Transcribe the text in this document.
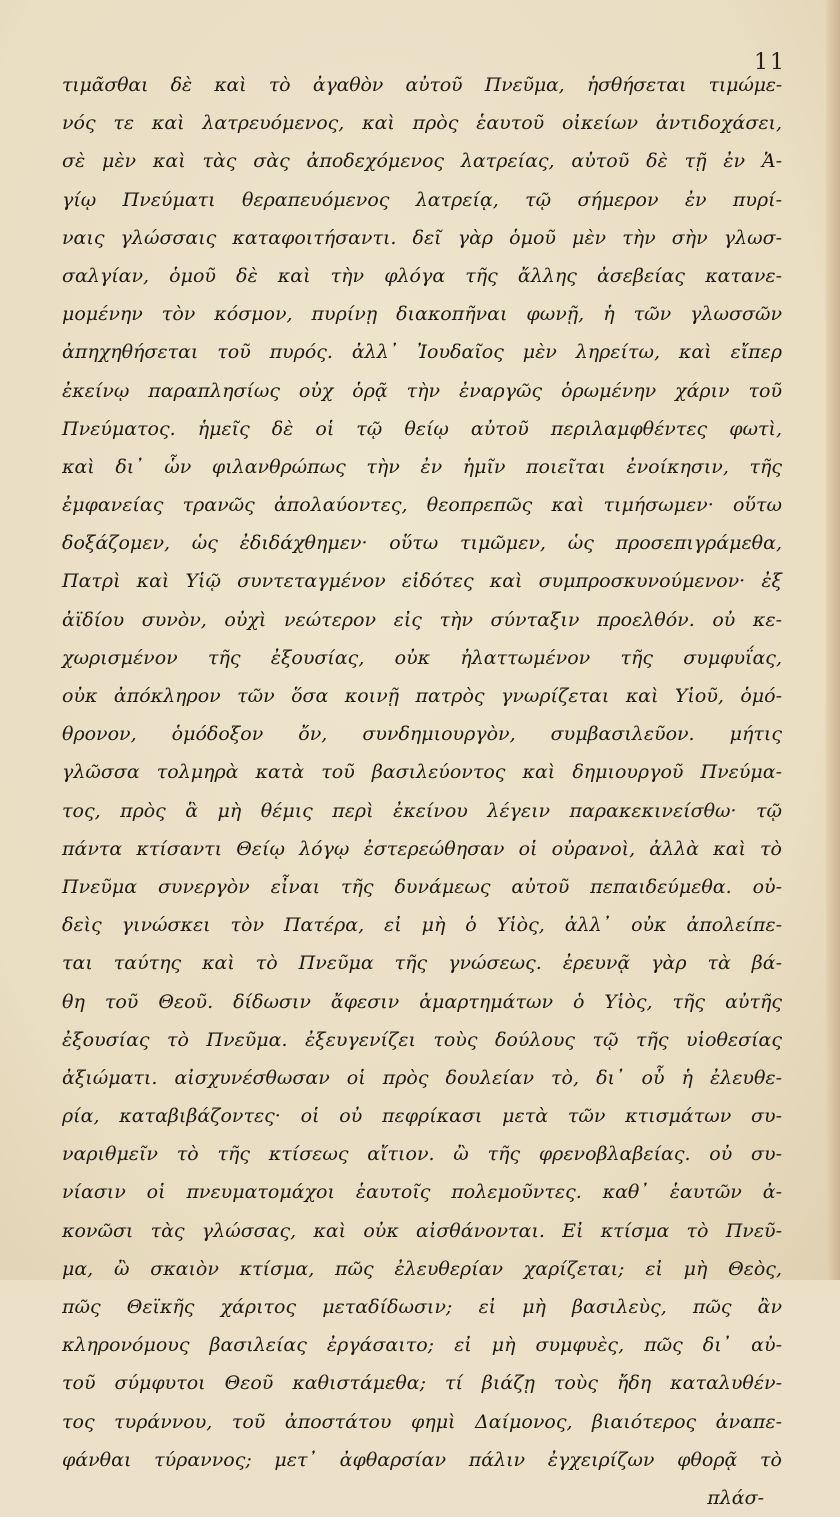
11
τιμᾶσθαι δὲ καὶ τὸ ἀγαθὸν αὐτοῦ Πνεῦμα, ἡσθήσεται τιμώμε-
νός τε καὶ λατρευόμενος, καὶ πρὸς ἑαυτοῦ οἰκείων ἀντιδοχάσει,
σὲ μὲν καὶ τὰς σὰς ἀποδεχόμενος λατρείας, αὐτοῦ δὲ τῇ ἐν Ἁ-
γίῳ Πνεύματι θεραπευόμενος λατρείᾳ, τῷ σήμερον ἐν πυρί-
ναις γλώσσαις καταφοιτήσαντι. δεῖ γὰρ ὁμοῦ μὲν τὴν σὴν γλωσ-
σαλγίαν, ὁμοῦ δὲ καὶ τὴν φλόγα τῆς ἄλλης ἀσεβείας κατανε-
μομένην τὸν κόσμον, πυρίνῃ διακοπῆναι φωνῇ, ἡ τῶν γλωσσῶν
ἀπηχηθήσεται τοῦ πυρός. ἀλλ᾽ Ἰουδαῖος μὲν ληρείτω, καὶ εἴπερ
ἐκείνῳ παραπλησίως οὐχ ὁρᾷ τὴν ἐναργῶς ὁρωμένην χάριν τοῦ
Πνεύματος. ἡμεῖς δὲ οἱ τῷ θείῳ αὐτοῦ περιλαμφθέντες φωτὶ,
καὶ δι᾽ ὧν φιλανθρώπως τὴν ἐν ἡμῖν ποιεῖται ἐνοίκησιν, τῆς
ἐμφανείας τρανῶς ἀπολαύοντες, θεοπρεπῶς καὶ τιμήσωμεν· οὕτω
δοξάζομεν, ὡς ἐδιδάχθημεν· οὕτω τιμῶμεν, ὡς προσεπιγράμεθα,
Πατρὶ καὶ Υἱῷ συντεταγμένον εἰδότες καὶ συμπροσκυνούμενον· ἐξ
ἀϊδίου συνὸν, οὐχὶ νεώτερον εἰς τὴν σύνταξιν προελθόν. οὐ κε-
χωρισμένον τῆς ἐξουσίας, οὐκ ἠλαττωμένον τῆς συμφυΐας,
οὐκ ἀπόκληρον τῶν ὅσα κοινῇ πατρὸς γνωρίζεται καὶ Υἱοῦ, ὁμό-
θρονον, ὁμόδοξον ὄν, συνδημιουργὸν, συμβασιλεῦον. μήτις
γλῶσσα τολμηρὰ κατὰ τοῦ βασιλεύοντος καὶ δημιουργοῦ Πνεύμα-
τος, πρὸς ἃ μὴ θέμις περὶ ἐκείνου λέγειν παρακεκινείσθω· τῷ
πάντα κτίσαντι Θείῳ λόγῳ ἐστερεώθησαν οἱ οὐρανοὶ, ἀλλὰ καὶ τὸ
Πνεῦμα συνεργὸν εἶναι τῆς δυνάμεως αὐτοῦ πεπαιδεύμεθα. οὐ-
δεὶς γινώσκει τὸν Πατέρα, εἰ μὴ ὁ Υἱὸς, ἀλλ᾽ οὐκ ἀπολείπε-
ται ταύτης καὶ τὸ Πνεῦμα τῆς γνώσεως. ἐρευνᾷ γὰρ τὰ βά-
θη τοῦ Θεοῦ. δίδωσιν ἄφεσιν ἁμαρτημάτων ὁ Υἱὸς, τῆς αὐτῆς
ἐξουσίας τὸ Πνεῦμα. ἐξευγενίζει τοὺς δούλους τῷ τῆς υἱοθεσίας
ἀξιώματι. αἰσχυνέσθωσαν οἱ πρὸς δουλείαν τὸ, δι᾽ οὗ ἡ ἐλευθε-
ρία, καταβιβάζοντες· οἱ οὐ πεφρίκασι μετὰ τῶν κτισμάτων συ-
ναριθμεῖν τὸ τῆς κτίσεως αἴτιον. ὢ τῆς φρενοβλαβείας. οὐ συ-
νίασιν οἱ πνευματομάχοι ἑαυτοῖς πολεμοῦντες. καθ᾽ ἑαυτῶν ἀ-
κονῶσι τὰς γλώσσας, καὶ οὐκ αἰσθάνονται. Εἰ κτίσμα τὸ Πνεῦ-
μα, ὢ σκαιὸν κτίσμα, πῶς ἐλευθερίαν χαρίζεται; εἰ μὴ Θεὸς,
πῶς Θεϊκῆς χάριτος μεταδίδωσιν; εἰ μὴ βασιλεὺς, πῶς ἂν
κληρονόμους βασιλείας ἐργάσαιτο; εἰ μὴ συμφυὲς, πῶς δι᾽ αὐ-
τοῦ σύμφυτοι Θεοῦ καθιστάμεθα; τί βιάζῃ τοὺς ἤδη καταλυθέν-
τος τυράννου, τοῦ ἀποστάτου φημὶ Δαίμονος, βιαιότερος ἀναπε-
φάνθαι τύραννος; μετ᾽ ἀφθαρσίαν πάλιν ἐγχειρίζων φθορᾷ τὸ
πλάσ-
